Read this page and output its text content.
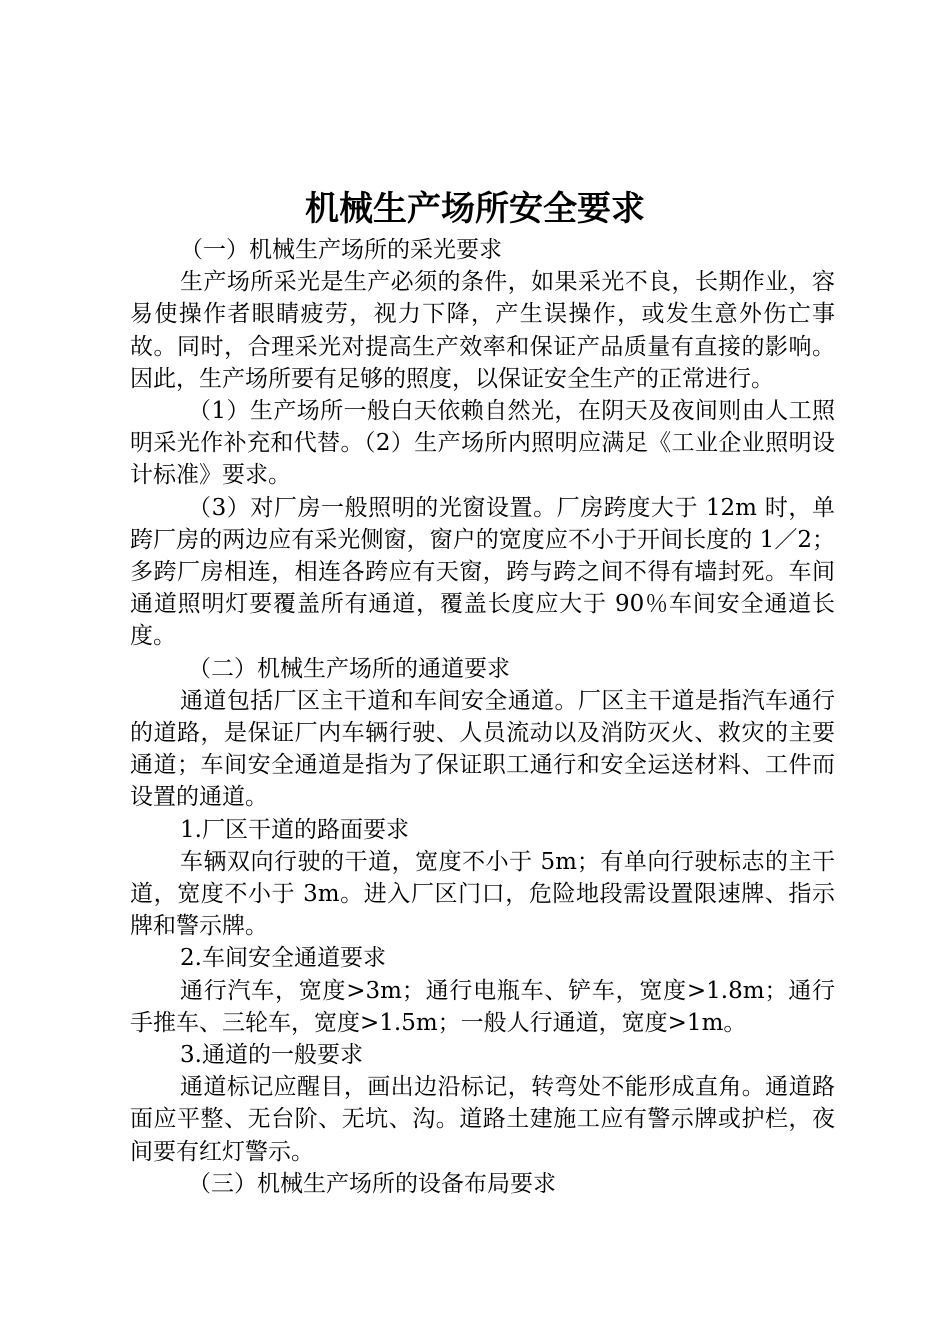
机械生产场所安全要求

（一）机械生产场所的采光要求

生产场所采光是生产必须的条件，如果采光不良，长期作业，容易使操作者眼睛疲劳，视力下降，产生误操作，或发生意外伤亡事故。同时，合理采光对提高生产效率和保证产品质量有直接的影响。因此，生产场所要有足够的照度，以保证安全生产的正常进行。

（1）生产场所一般白天依赖自然光，在阴天及夜间则由人工照明采光作补充和代替。（2）生产场所内照明应满足《工业企业照明设计标准》要求。

（3）对厂房一般照明的光窗设置。厂房跨度大于 12m 时，单跨厂房的两边应有采光侧窗，窗户的宽度应不小于开间长度的 1／2；多跨厂房相连，相连各跨应有天窗，跨与跨之间不得有墙封死。车间通道照明灯要覆盖所有通道，覆盖长度应大于 90％车间安全通道长度。

（二）机械生产场所的通道要求

通道包括厂区主干道和车间安全通道。厂区主干道是指汽车通行的道路，是保证厂内车辆行驶、人员流动以及消防灭火、救灾的主要通道；车间安全通道是指为了保证职工通行和安全运送材料、工件而设置的通道。

1.厂区干道的路面要求

车辆双向行驶的干道，宽度不小于 5m；有单向行驶标志的主干道，宽度不小于 3m。进入厂区门口，危险地段需设置限速牌、指示牌和警示牌。

2.车间安全通道要求

通行汽车，宽度>3m；通行电瓶车、铲车，宽度>1.8m；通行手推车、三轮车，宽度>1.5m；一般人行通道，宽度>1m。

3.通道的一般要求

通道标记应醒目，画出边沿标记，转弯处不能形成直角。通道路面应平整、无台阶、无坑、沟。道路土建施工应有警示牌或护栏，夜间要有红灯警示。

（三）机械生产场所的设备布局要求
